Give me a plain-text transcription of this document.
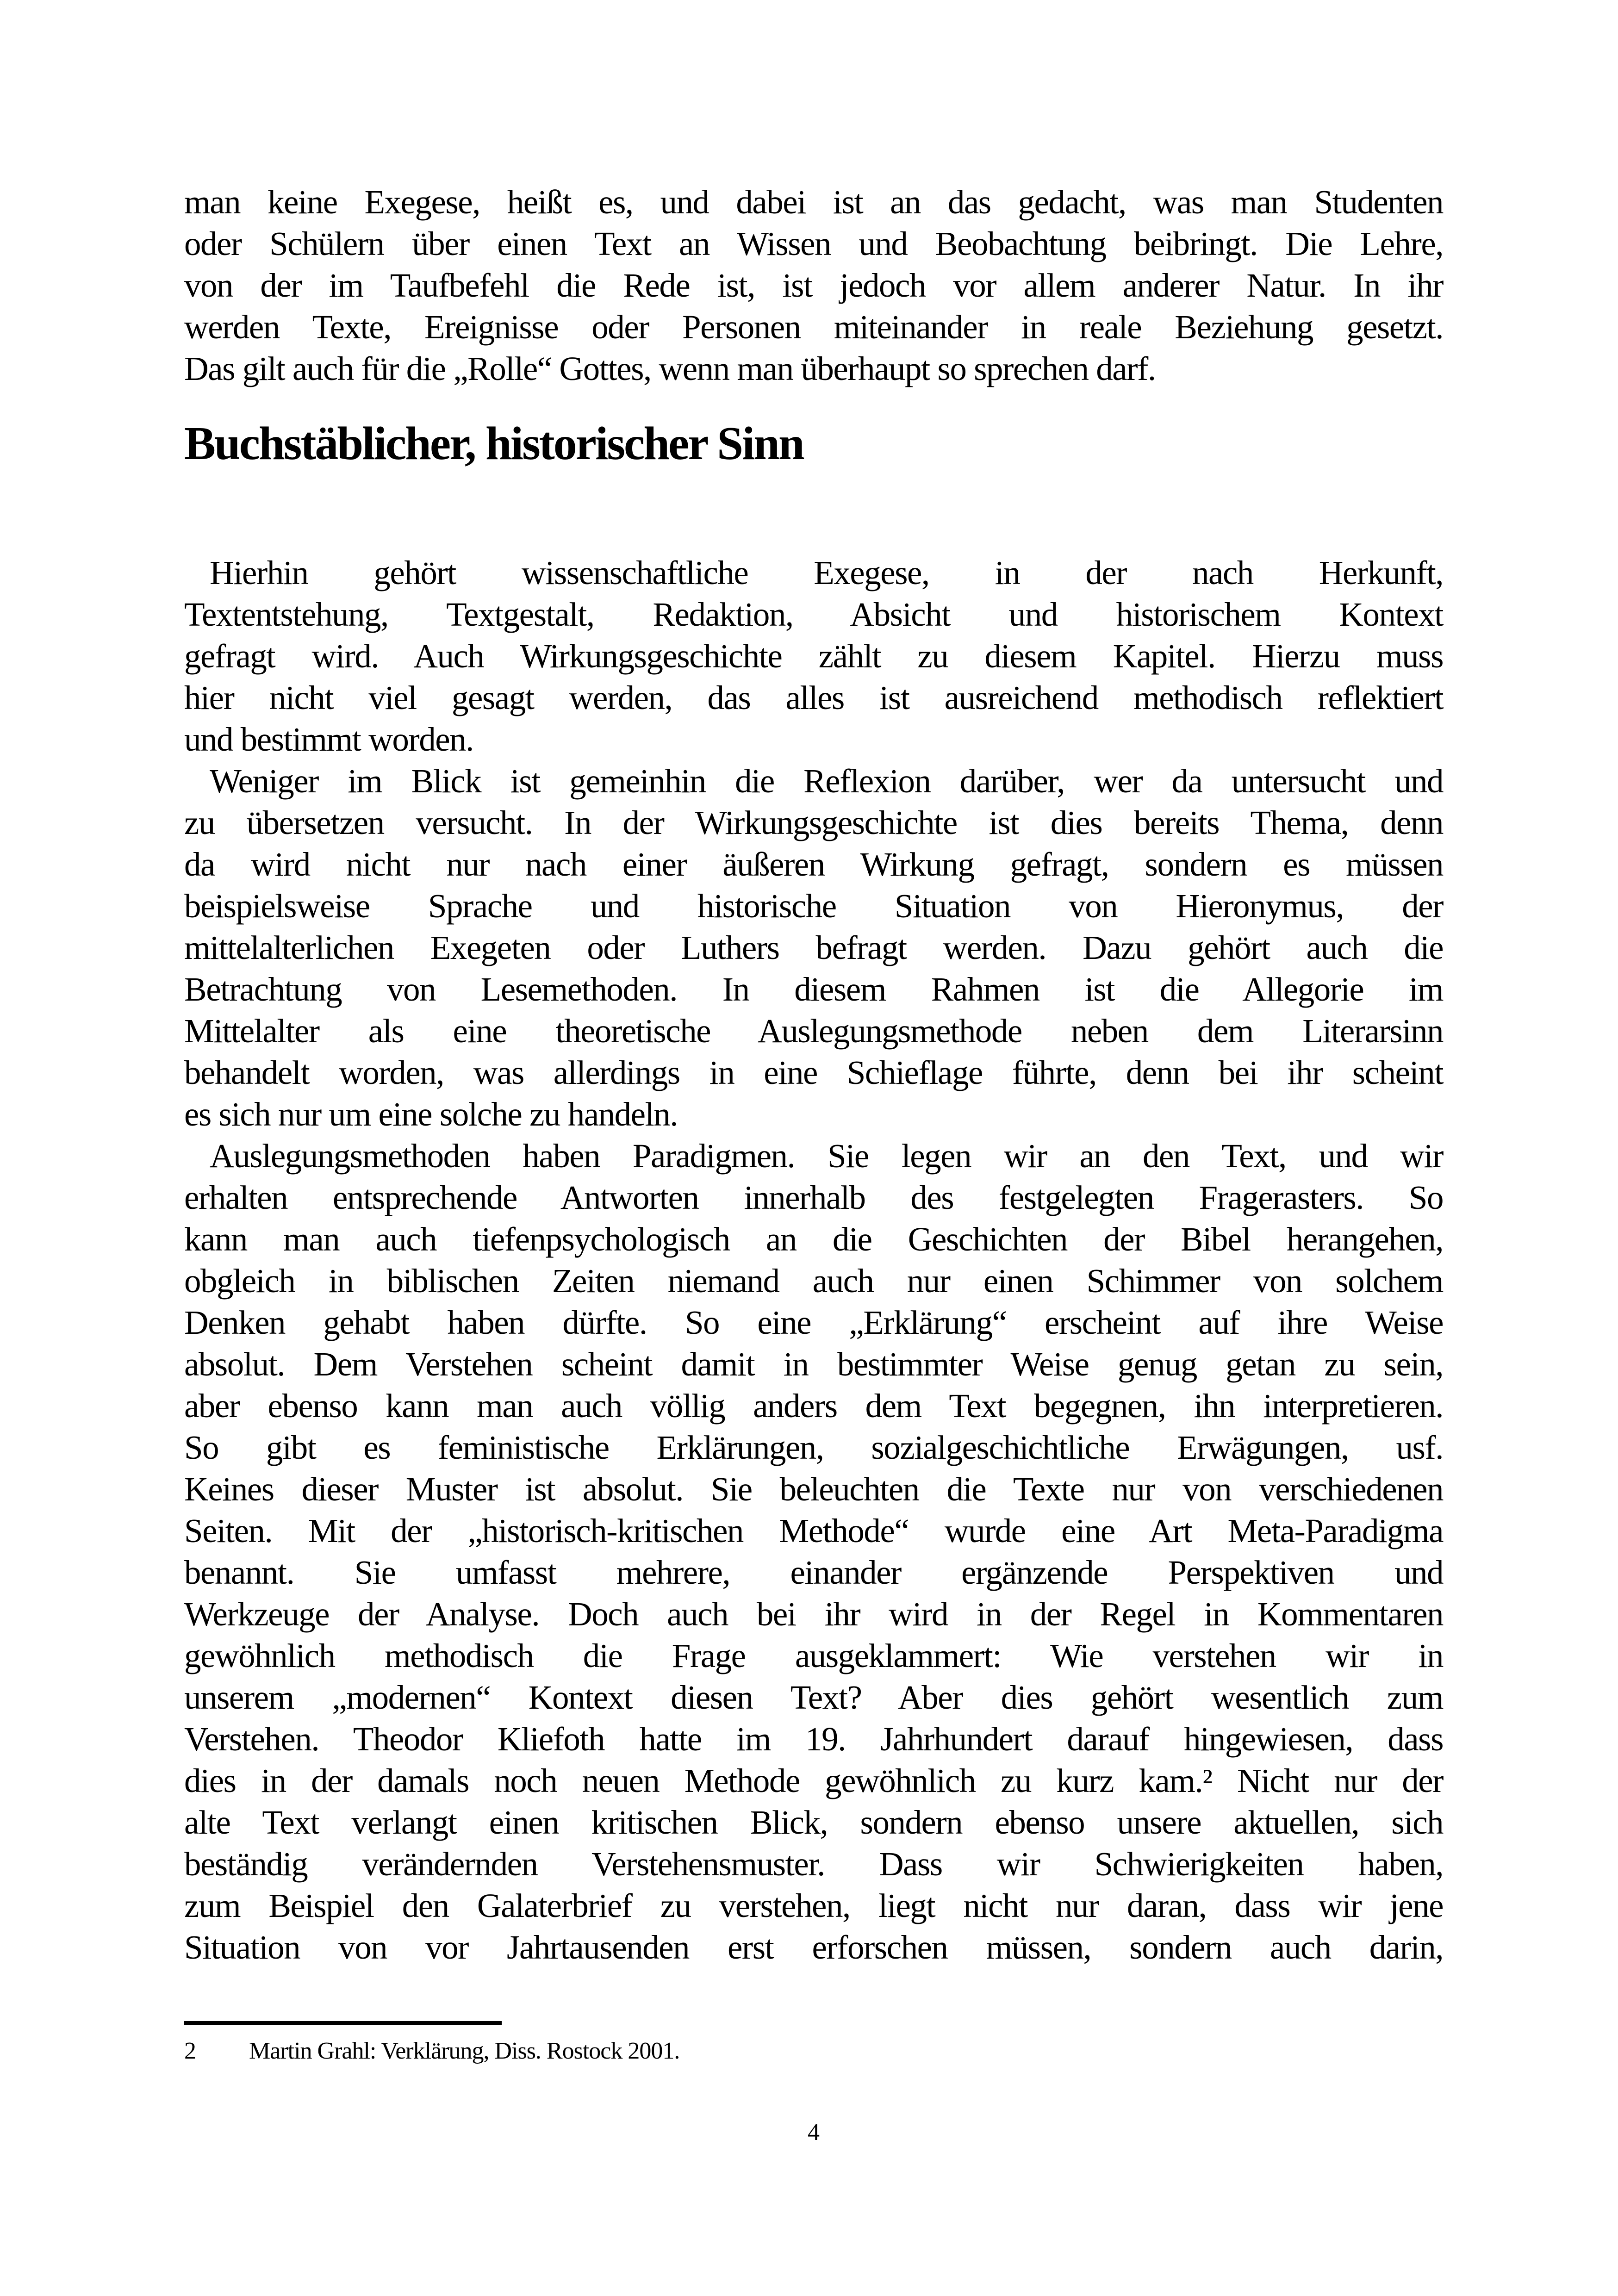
man keine Exegese, heißt es, und dabei ist an das gedacht, was man Studenten
oder Schülern über einen Text an Wissen und Beobachtung beibringt. Die Lehre,
von der im Taufbefehl die Rede ist, ist jedoch vor allem anderer Natur. In ihr
werden Texte, Ereignisse oder Personen miteinander in reale Beziehung gesetzt.
Das gilt auch für die „Rolle“ Gottes, wenn man überhaupt so sprechen darf.
Buchstäblicher, historischer Sinn
Hierhin gehört wissenschaftliche Exegese, in der nach Herkunft,
Textentstehung, Textgestalt, Redaktion, Absicht und historischem Kontext
gefragt wird. Auch Wirkungsgeschichte zählt zu diesem Kapitel. Hierzu muss
hier nicht viel gesagt werden, das alles ist ausreichend methodisch reflektiert
und bestimmt worden.
Weniger im Blick ist gemeinhin die Reflexion darüber, wer da untersucht und
zu übersetzen versucht. In der Wirkungsgeschichte ist dies bereits Thema, denn
da wird nicht nur nach einer äußeren Wirkung gefragt, sondern es müssen
beispielsweise Sprache und historische Situation von Hieronymus, der
mittelalterlichen Exegeten oder Luthers befragt werden. Dazu gehört auch die
Betrachtung von Lesemethoden. In diesem Rahmen ist die Allegorie im
Mittelalter als eine theoretische Auslegungsmethode neben dem Literarsinn
behandelt worden, was allerdings in eine Schieflage führte, denn bei ihr scheint
es sich nur um eine solche zu handeln.
Auslegungsmethoden haben Paradigmen. Sie legen wir an den Text, und wir
erhalten entsprechende Antworten innerhalb des festgelegten Fragerasters. So
kann man auch tiefenpsychologisch an die Geschichten der Bibel herangehen,
obgleich in biblischen Zeiten niemand auch nur einen Schimmer von solchem
Denken gehabt haben dürfte. So eine „Erklärung“ erscheint auf ihre Weise
absolut. Dem Verstehen scheint damit in bestimmter Weise genug getan zu sein,
aber ebenso kann man auch völlig anders dem Text begegnen, ihn interpretieren.
So gibt es feministische Erklärungen, sozialgeschichtliche Erwägungen, usf.
Keines dieser Muster ist absolut. Sie beleuchten die Texte nur von verschiedenen
Seiten. Mit der „historisch-kritischen Methode“ wurde eine Art Meta-Paradigma
benannt. Sie umfasst mehrere, einander ergänzende Perspektiven und
Werkzeuge der Analyse. Doch auch bei ihr wird in der Regel in Kommentaren
gewöhnlich methodisch die Frage ausgeklammert: Wie verstehen wir in
unserem „modernen“ Kontext diesen Text? Aber dies gehört wesentlich zum
Verstehen. Theodor Kliefoth hatte im 19. Jahrhundert darauf hingewiesen, dass
dies in der damals noch neuen Methode gewöhnlich zu kurz kam.² Nicht nur der
alte Text verlangt einen kritischen Blick, sondern ebenso unsere aktuellen, sich
beständig verändernden Verstehensmuster. Dass wir Schwierigkeiten haben,
zum Beispiel den Galaterbrief zu verstehen, liegt nicht nur daran, dass wir jene
Situation von vor Jahrtausenden erst erforschen müssen, sondern auch darin,
2	Martin Grahl: Verklärung, Diss. Rostock 2001.
4
